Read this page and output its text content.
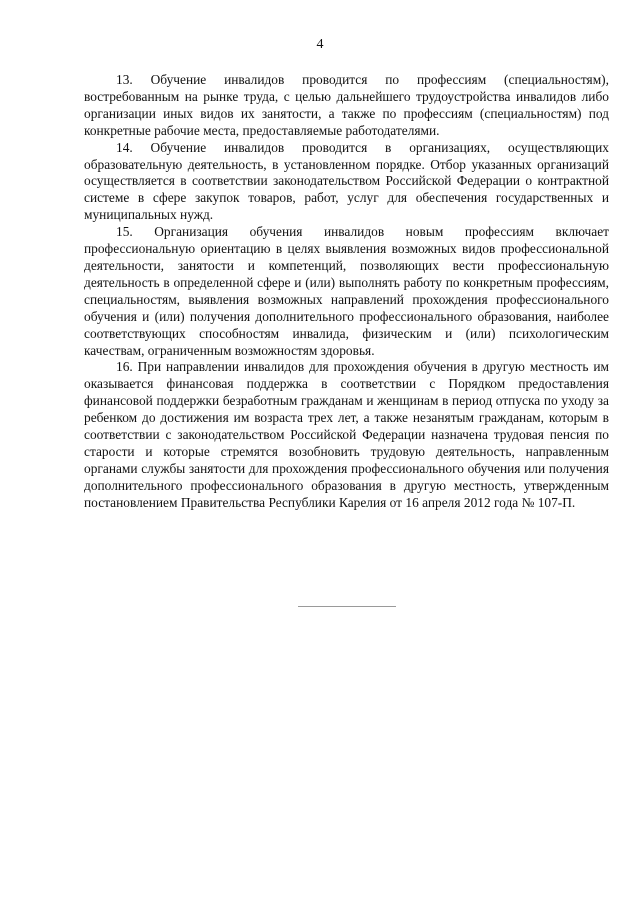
4

13. Обучение инвалидов проводится по профессиям (специальностям), востребованным на рынке труда, с целью дальнейшего трудоустройства инвалидов либо организации иных видов их занятости, а также по профессиям (специальностям) под конкретные рабочие места, предоставляемые работодателями.

14. Обучение инвалидов проводится в организациях, осуществляющих образовательную деятельность, в установленном порядке. Отбор указанных организаций осуществляется в соответствии законодательством Российской Федерации о контрактной системе в сфере закупок товаров, работ, услуг для обеспечения государственных и муниципальных нужд.

15. Организация обучения инвалидов новым профессиям включает профессиональную ориентацию в целях выявления возможных видов профессиональной деятельности, занятости и компетенций, позволяющих вести профессиональную деятельность в определенной сфере и (или) выполнять работу по конкретным профессиям, специальностям, выявления возможных направлений прохождения профессионального обучения и (или) получения дополнительного профессионального образования, наиболее соответствующих способностям инвалида, физическим и (или) психологическим качествам, ограниченным возможностям здоровья.

16. При направлении инвалидов для прохождения обучения в другую местность им оказывается финансовая поддержка в соответствии с Порядком предоставления финансовой поддержки безработным гражданам и женщинам в период отпуска по уходу за ребенком до достижения им возраста трех лет, а также незанятым гражданам, которым в соответствии с законодательством Российской Федерации назначена трудовая пенсия по старости и которые стремятся возобновить трудовую деятельность, направленным органами службы занятости для прохождения профессионального обучения или получения дополнительного профессионального образования в другую местность, утвержденным постановлением Правительства Республики Карелия от 16 апреля 2012 года № 107-П.
